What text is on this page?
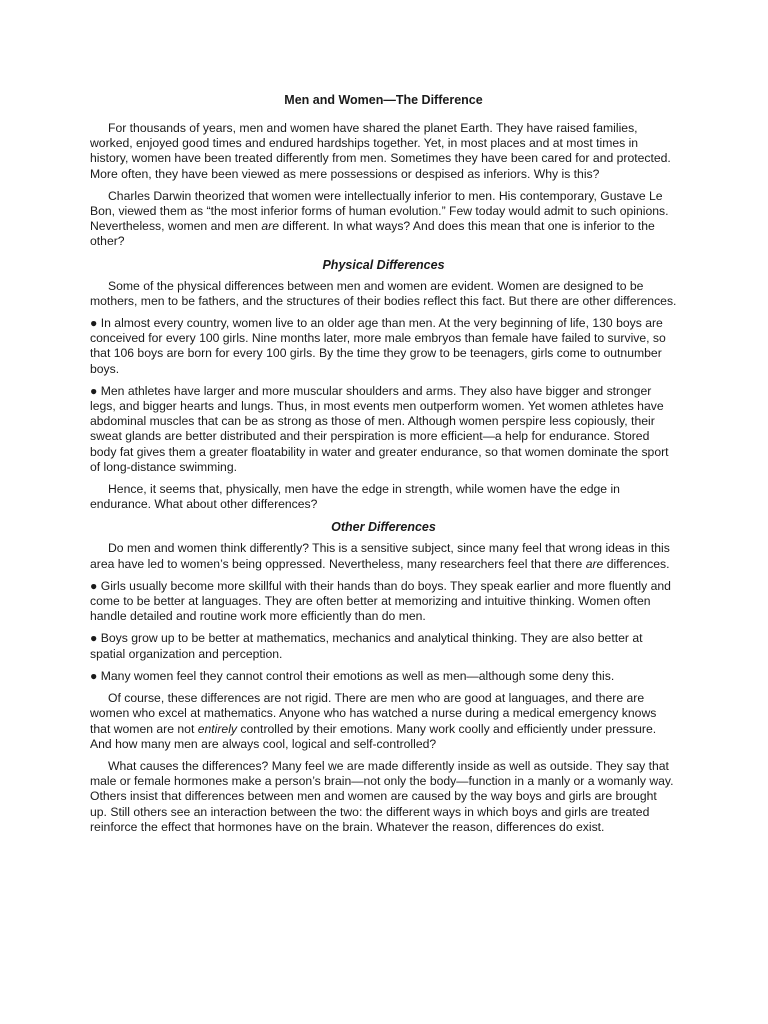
Men and Women—The Difference

For thousands of years, men and women have shared the planet Earth. They have raised families, worked, enjoyed good times and endured hardships together. Yet, in most places and at most times in history, women have been treated differently from men. Sometimes they have been cared for and protected. More often, they have been viewed as mere possessions or despised as inferiors. Why is this?

Charles Darwin theorized that women were intellectually inferior to men. His contemporary, Gustave Le Bon, viewed them as “the most inferior forms of human evolution.” Few today would admit to such opinions. Nevertheless, women and men are different. In what ways? And does this mean that one is inferior to the other?

Physical Differences

Some of the physical differences between men and women are evident. Women are designed to be mothers, men to be fathers, and the structures of their bodies reflect this fact. But there are other differences.

● In almost every country, women live to an older age than men. At the very beginning of life, 130 boys are conceived for every 100 girls. Nine months later, more male embryos than female have failed to survive, so that 106 boys are born for every 100 girls. By the time they grow to be teenagers, girls come to outnumber boys.

● Men athletes have larger and more muscular shoulders and arms. They also have bigger and stronger legs, and bigger hearts and lungs. Thus, in most events men outperform women. Yet women athletes have abdominal muscles that can be as strong as those of men. Although women perspire less copiously, their sweat glands are better distributed and their perspiration is more efficient—a help for endurance. Stored body fat gives them a greater floatability in water and greater endurance, so that women dominate the sport of long-distance swimming.

Hence, it seems that, physically, men have the edge in strength, while women have the edge in endurance. What about other differences?

Other Differences

Do men and women think differently? This is a sensitive subject, since many feel that wrong ideas in this area have led to women’s being oppressed. Nevertheless, many researchers feel that there are differences.

● Girls usually become more skillful with their hands than do boys. They speak earlier and more fluently and come to be better at languages. They are often better at memorizing and intuitive thinking. Women often handle detailed and routine work more efficiently than do men.

● Boys grow up to be better at mathematics, mechanics and analytical thinking. They are also better at spatial organization and perception.

● Many women feel they cannot control their emotions as well as men—although some deny this.

Of course, these differences are not rigid. There are men who are good at languages, and there are women who excel at mathematics. Anyone who has watched a nurse during a medical emergency knows that women are not entirely controlled by their emotions. Many work coolly and efficiently under pressure. And how many men are always cool, logical and self-controlled?

What causes the differences? Many feel we are made differently inside as well as outside. They say that male or female hormones make a person’s brain—not only the body—function in a manly or a womanly way. Others insist that differences between men and women are caused by the way boys and girls are brought up. Still others see an interaction between the two: the different ways in which boys and girls are treated reinforce the effect that hormones have on the brain. Whatever the reason, differences do exist.
